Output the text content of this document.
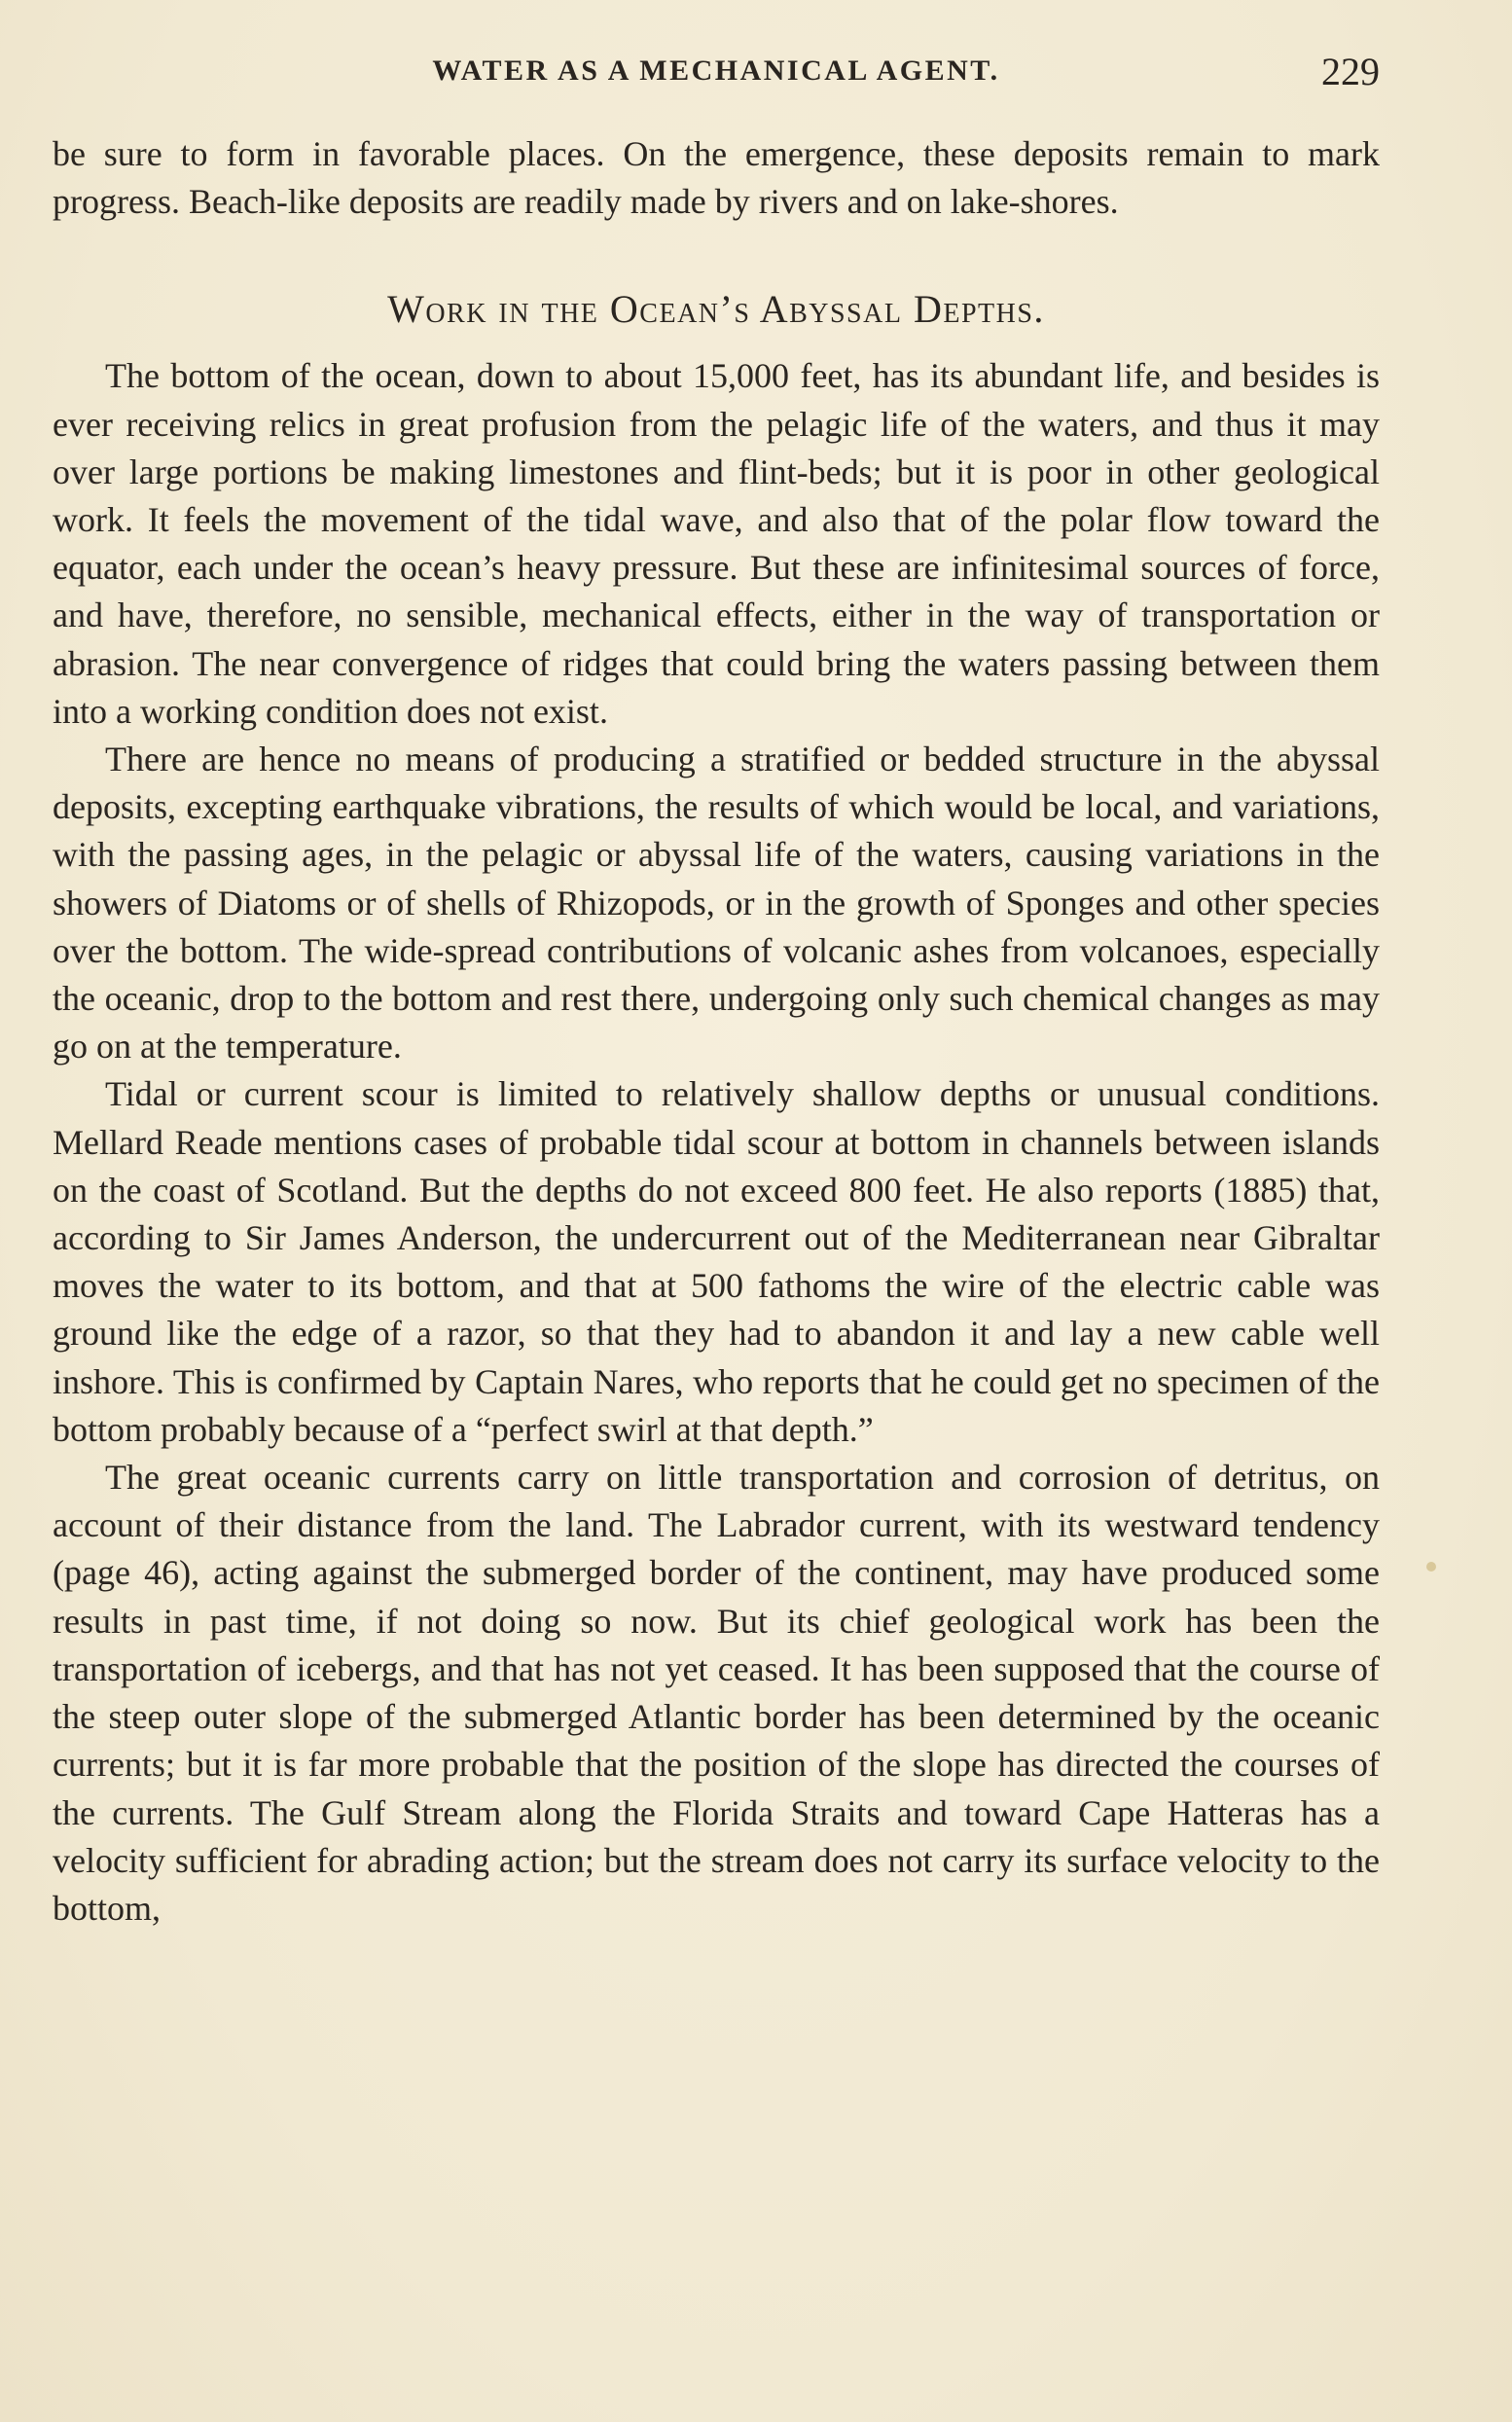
WATER AS A MECHANICAL AGENT.	229

be sure to form in favorable places. On the emergence, these deposits remain to mark progress. Beach-like deposits are readily made by rivers and on lake-shores.

Work in the Ocean’s Abyssal Depths.

The bottom of the ocean, down to about 15,000 feet, has its abundant life, and besides is ever receiving relics in great profusion from the pelagic life of the waters, and thus it may over large portions be making limestones and flint-beds; but it is poor in other geological work. It feels the movement of the tidal wave, and also that of the polar flow toward the equator, each under the ocean’s heavy pressure. But these are infinitesimal sources of force, and have, therefore, no sensible, mechanical effects, either in the way of transportation or abrasion. The near convergence of ridges that could bring the waters passing between them into a working condition does not exist.

There are hence no means of producing a stratified or bedded structure in the abyssal deposits, excepting earthquake vibrations, the results of which would be local, and variations, with the passing ages, in the pelagic or abyssal life of the waters, causing variations in the showers of Diatoms or of shells of Rhizopods, or in the growth of Sponges and other species over the bottom. The wide-spread contributions of volcanic ashes from volcanoes, especially the oceanic, drop to the bottom and rest there, undergoing only such chemical changes as may go on at the temperature.

Tidal or current scour is limited to relatively shallow depths or unusual conditions. Mellard Reade mentions cases of probable tidal scour at bottom in channels between islands on the coast of Scotland. But the depths do not exceed 800 feet. He also reports (1885) that, according to Sir James Anderson, the undercurrent out of the Mediterranean near Gibraltar moves the water to its bottom, and that at 500 fathoms the wire of the electric cable was ground like the edge of a razor, so that they had to abandon it and lay a new cable well inshore. This is confirmed by Captain Nares, who reports that he could get no specimen of the bottom probably because of a “perfect swirl at that depth.”

The great oceanic currents carry on little transportation and corrosion of detritus, on account of their distance from the land. The Labrador current, with its westward tendency (page 46), acting against the submerged border of the continent, may have produced some results in past time, if not doing so now. But its chief geological work has been the transportation of icebergs, and that has not yet ceased. It has been supposed that the course of the steep outer slope of the submerged Atlantic border has been determined by the oceanic currents; but it is far more probable that the position of the slope has directed the courses of the currents. The Gulf Stream along the Florida Straits and toward Cape Hatteras has a velocity sufficient for abrading action; but the stream does not carry its surface velocity to the bottom,
